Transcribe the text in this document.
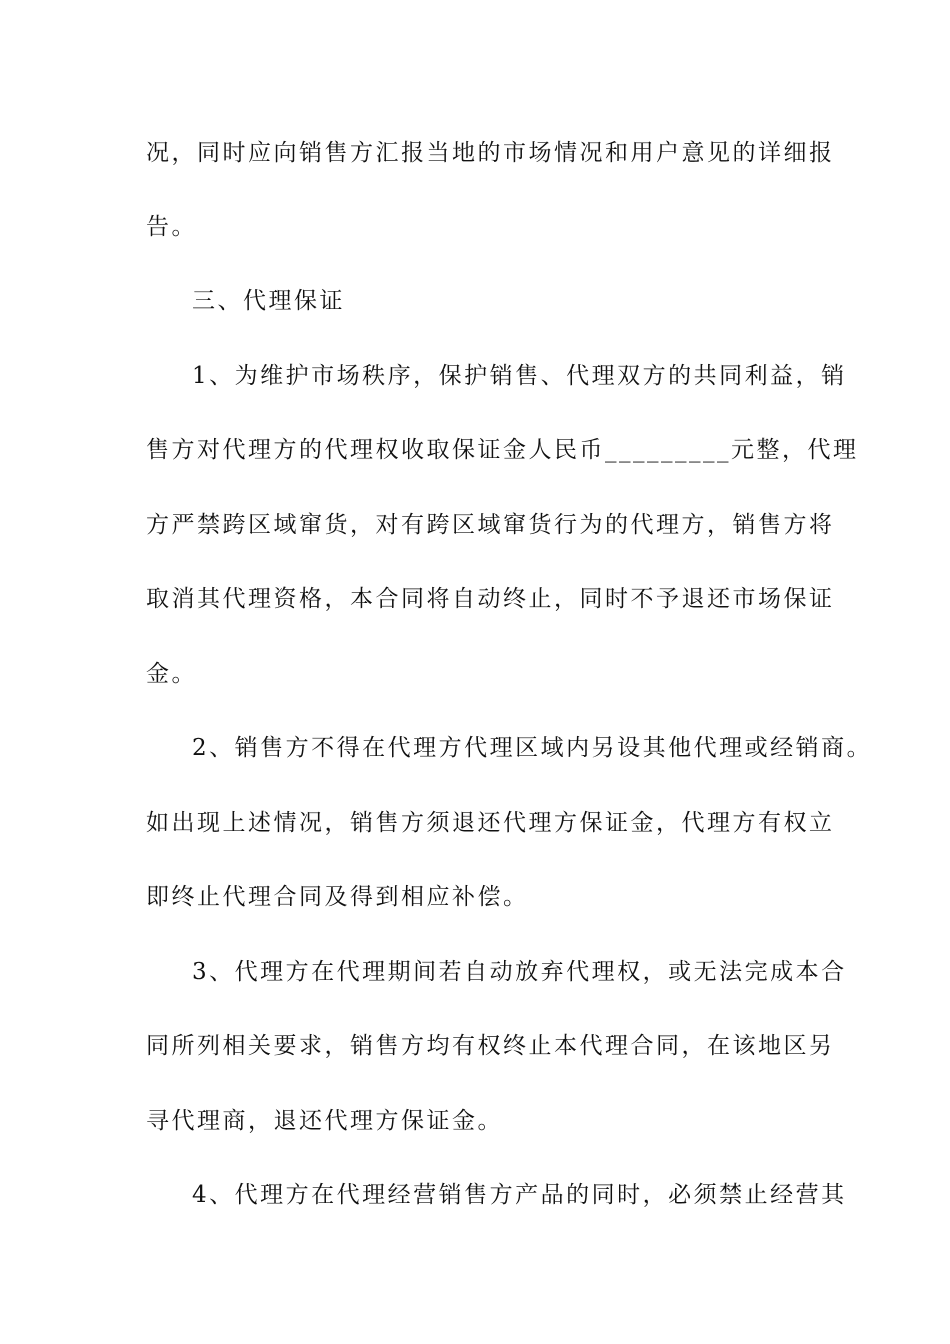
况，同时应向销售方汇报当地的市场情况和用户意见的详细报
告。
三、代理保证
1、为维护市场秩序，保护销售、代理双方的共同利益，销
售方对代理方的代理权收取保证金人民币_________元整，代理
方严禁跨区域窜货，对有跨区域窜货行为的代理方，销售方将
取消其代理资格，本合同将自动终止，同时不予退还市场保证
金。
2、销售方不得在代理方代理区域内另设其他代理或经销商。
如出现上述情况，销售方须退还代理方保证金，代理方有权立
即终止代理合同及得到相应补偿。
3、代理方在代理期间若自动放弃代理权，或无法完成本合
同所列相关要求，销售方均有权终止本代理合同，在该地区另
寻代理商，退还代理方保证金。
4、代理方在代理经营销售方产品的同时，必须禁止经营其
